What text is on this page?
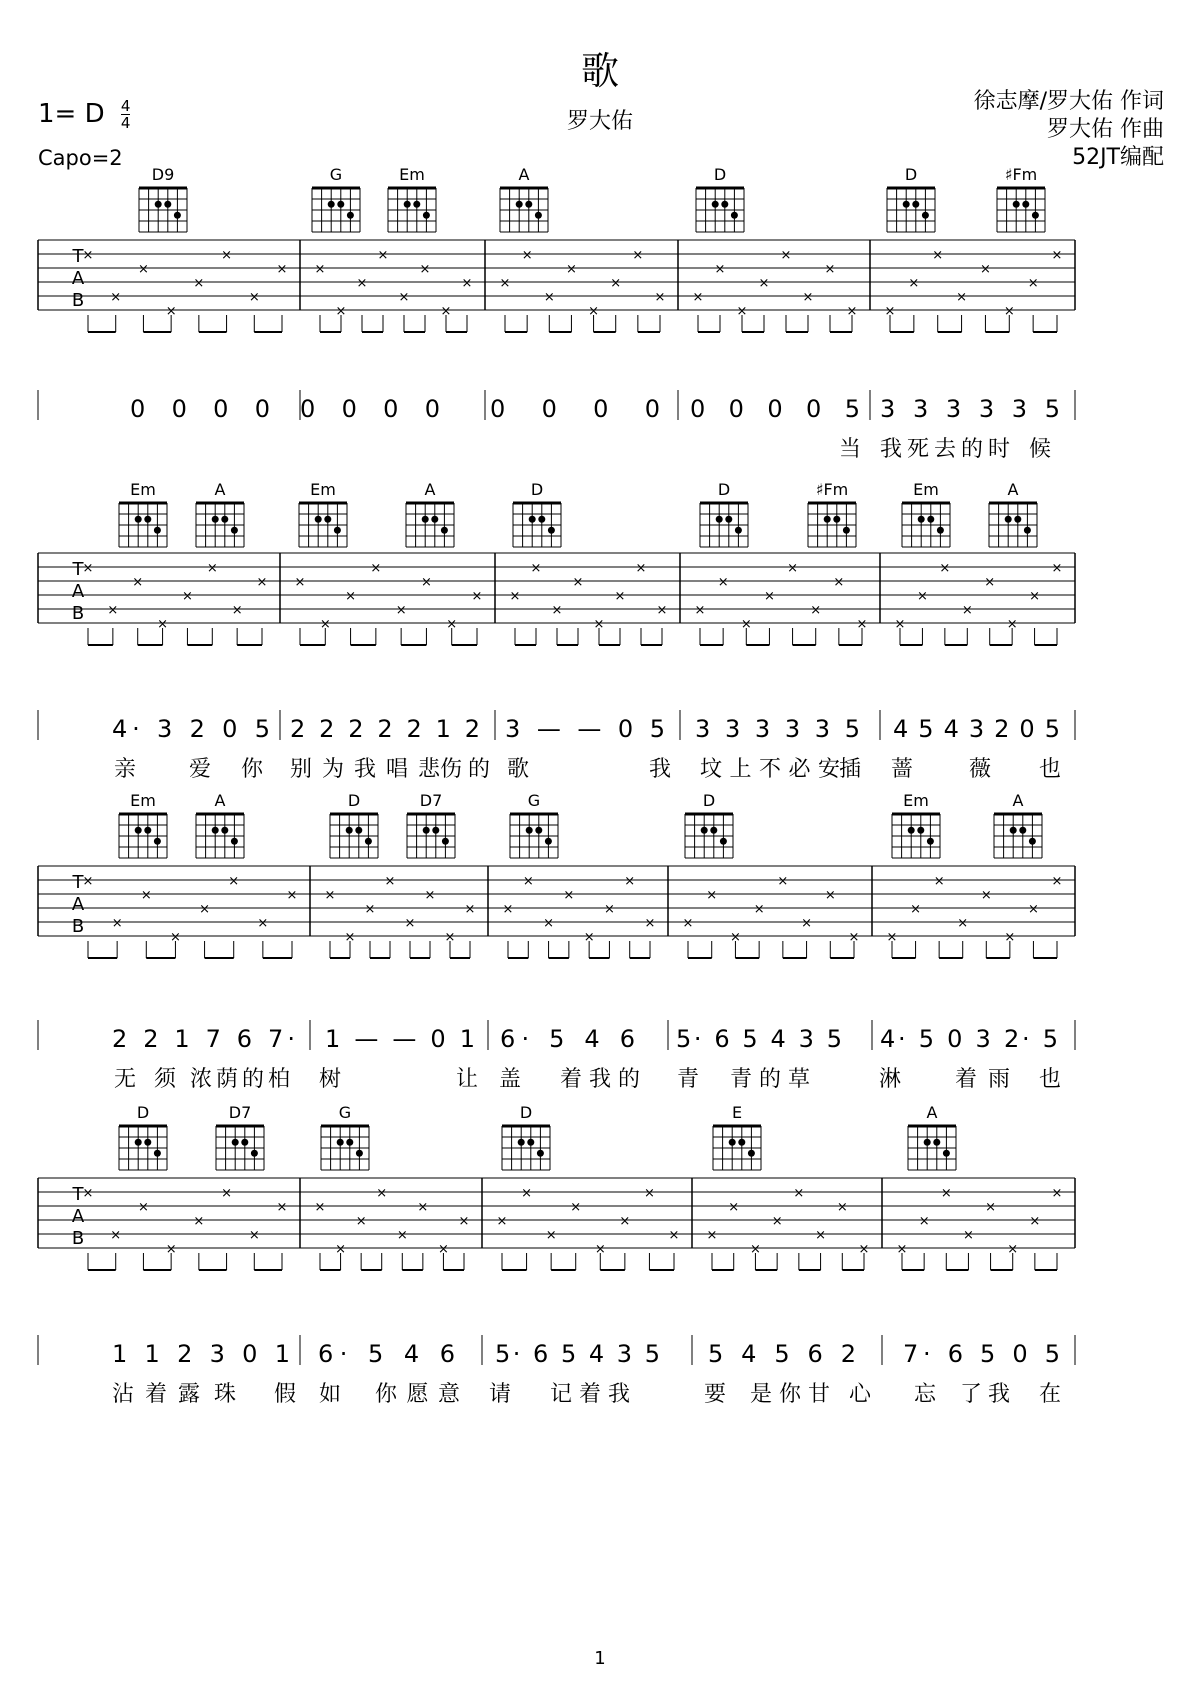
歌
罗大佑
1= D $\frac{4}{4}$
Capo=2
徐志摩/罗大佑 作词
罗大佑 作曲
52JT编配
D9	G	Em	A	D	D	♯Fm
T
A
B
×
×
×
×
×
×
×
× ×
×
×
×
×
×
×
× ×
×
×
×
×
×
×
× ×
×
×
×
×
×
×
× ×
×
×
×
×
×
×
×
0 0 0 0 0 0 0 0 0 0 0 0 0 0 0 0 5 3 3 3 3 3 5
当 我死去的时 候
Em	A	Em	A	D	D	♯Fm	Em	A
T
A
B
×
×
×
×
×
×
×
× ×
×
×
×
×
×
×
× ×
×
×
×
×
×
×
× ×
×
×
×
×
×
×
× ×
×
×
×
×
×
×
×
4· 3 2 0 5 2 2 2 2 2 1 2 3 — — 0 5 3 3 3 3 3 5 4 5 4 3 2 0 5
亲 爱 你 别为我唱悲 伤的 歌	我 坟上不必安
插 蔷	薇 也
Em	A	D	D7	G	D	Em	A
T
A
B
×
×
×
×
×
×
×
× ×
×
×
×
×
×
×
× ×
×
×
×
×
×
×
× ×
×
×
×
×
×
×
× ×
×
×
×
×
×
×
×
2 2 1 7 6 7· 1 — — 0 1 6· 5 4 6 5· 6 5 4 3 5 4· 5 0 3 2· 5
无 须 浓荫的柏 树	让 盖 着我的 青 青的草	淋 着雨 也
D	D7	G	D	E	A
T
A
B
×
×
×
×
×
×
×
× ×
×
×
×
×
×
×
× ×
×
×
×
×
×
×
× ×
×
×
×
×
×
×
× ×
×
×
×
×
×
×
×
1 1 2 3 0 1 6· 5 4 6 5· 6 5 4 3 5 5 4 5 6 2 7· 6 5 0 5
沾着露 珠 假 如 你愿意 请 记着我	要 是你甘 心 忘 了我 在
1
